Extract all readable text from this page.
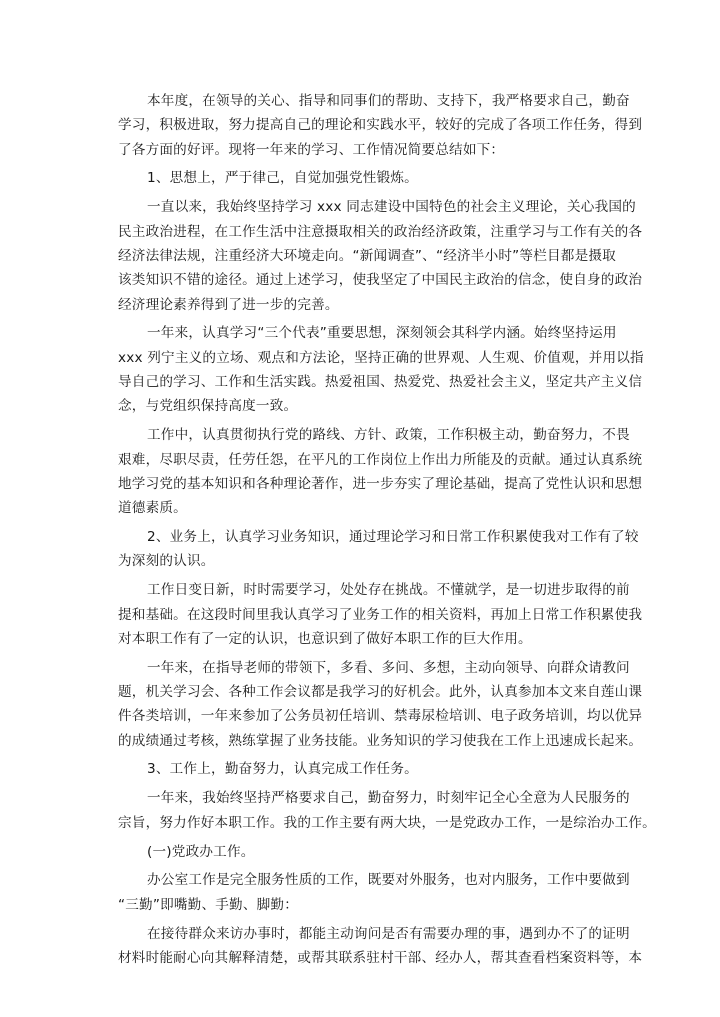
本年度，在领导的关心、指导和同事们的帮助、支持下，我严格要求自己，勤奋
学习，积极进取，努力提高自己的理论和实践水平，较好的完成了各项工作任务，得到
了各方面的好评。现将一年来的学习、工作情况简要总结如下：
1、思想上，严于律己，自觉加强党性锻炼。
一直以来，我始终坚持学习 xxx 同志建设中国特色的社会主义理论，关心我国的
民主政治进程，在工作生活中注意摄取相关的政治经济政策，注重学习与工作有关的各
经济法律法规，注重经济大环境走向。“新闻调查”、“经济半小时”等栏目都是摄取
该类知识不错的途径。通过上述学习，使我坚定了中国民主政治的信念，使自身的政治
经济理论素养得到了进一步的完善。
一年来，认真学习“三个代表”重要思想，深刻领会其科学内涵。始终坚持运用
xxx 列宁主义的立场、观点和方法论，坚持正确的世界观、人生观、价值观，并用以指
导自己的学习、工作和生活实践。热爱祖国、热爱党、热爱社会主义，坚定共产主义信
念，与党组织保持高度一致。
工作中，认真贯彻执行党的路线、方针、政策，工作积极主动，勤奋努力，不畏
艰难，尽职尽责，任劳任怨，在平凡的工作岗位上作出力所能及的贡献。通过认真系统
地学习党的基本知识和各种理论著作，进一步夯实了理论基础，提高了党性认识和思想
道德素质。
2、业务上，认真学习业务知识，通过理论学习和日常工作积累使我对工作有了较
为深刻的认识。
工作日变日新，时时需要学习，处处存在挑战。不懂就学，是一切进步取得的前
提和基础。在这段时间里我认真学习了业务工作的相关资料，再加上日常工作积累使我
对本职工作有了一定的认识，也意识到了做好本职工作的巨大作用。
一年来，在指导老师的带领下，多看、多问、多想，主动向领导、向群众请教问
题，机关学习会、各种工作会议都是我学习的好机会。此外，认真参加本文来自莲山课
件各类培训，一年来参加了公务员初任培训、禁毒尿检培训、电子政务培训，均以优异
的成绩通过考核，熟练掌握了业务技能。业务知识的学习使我在工作上迅速成长起来。
3、工作上，勤奋努力，认真完成工作任务。
一年来，我始终坚持严格要求自己，勤奋努力，时刻牢记全心全意为人民服务的
宗旨，努力作好本职工作。我的工作主要有两大块，一是党政办工作，一是综治办工作。
(一)党政办工作。
办公室工作是完全服务性质的工作，既要对外服务，也对内服务，工作中要做到
“三勤”即嘴勤、手勤、脚勤：
在接待群众来访办事时，都能主动询问是否有需要办理的事，遇到办不了的证明
材料时能耐心向其解释清楚，或帮其联系驻村干部、经办人，帮其查看档案资料等，本
